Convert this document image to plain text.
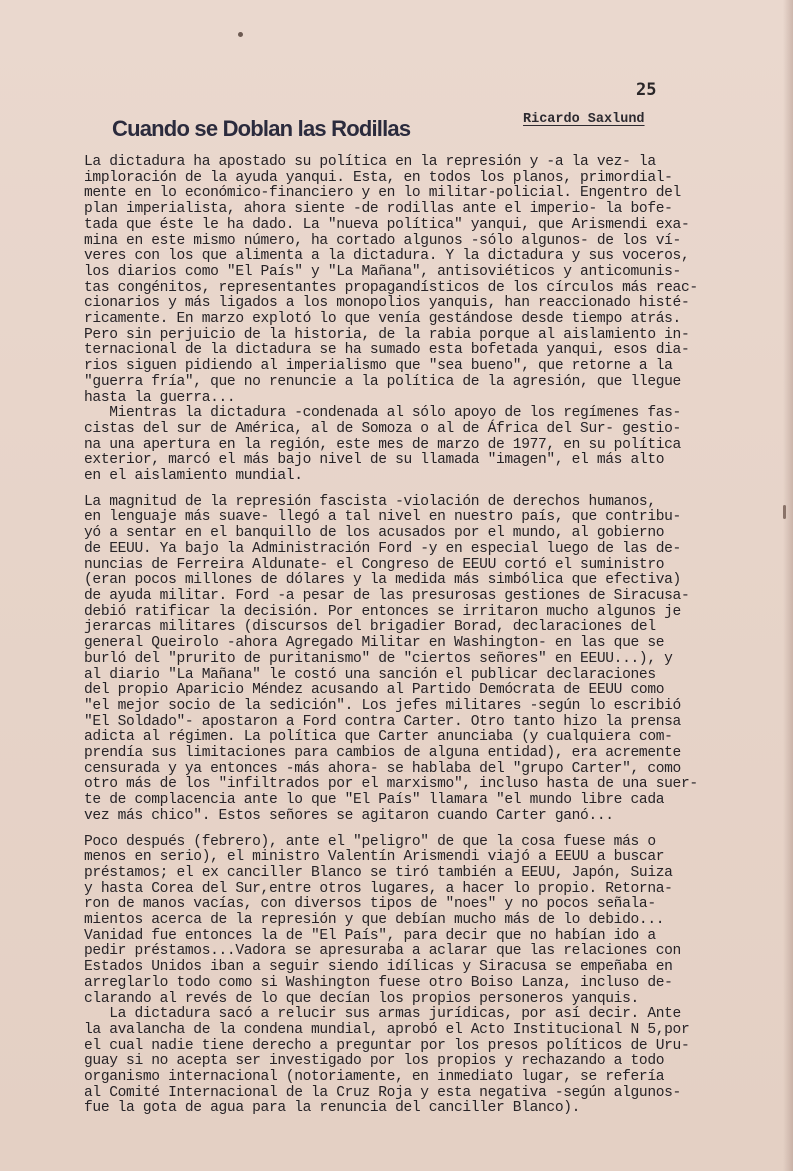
25
Ricardo Saxlund
Cuando se Doblan las Rodillas
La dictadura ha apostado su política en la represión y -a la vez- la
imploración de la ayuda yanqui. Esta, en todos los planos, primordial-
mente en lo económico-financiero y en lo militar-policial. Engentro del
plan imperialista, ahora siente -de rodillas ante el imperio- la bofe-
tada que éste le ha dado. La "nueva política" yanqui, que Arismendi exa-
mina en este mismo número, ha cortado algunos -sólo algunos- de los ví-
veres con los que alimenta a la dictadura. Y la dictadura y sus voceros,
los diarios como "El País" y "La Mañana", antisoviéticos y anticomunis-
tas congénitos, representantes propagandísticos de los círculos más reac-
cionarios y más ligados a los monopolios yanquis, han reaccionado histé-
ricamente. En marzo explotó lo que venía gestándose desde tiempo atrás.
Pero sin perjuicio de la historia, de la rabia porque al aislamiento in-
ternacional de la dictadura se ha sumado esta bofetada yanqui, esos dia-
rios siguen pidiendo al imperialismo que "sea bueno", que retorne a la
"guerra fría", que no renuncie a la política de la agresión, que llegue
hasta la guerra...
Mientras la dictadura -condenada al sólo apoyo de los regímenes fas-
cistas del sur de América, al de Somoza o al de África del Sur- gestio-
na una apertura en la región, este mes de marzo de 1977, en su política
exterior, marcó el más bajo nivel de su llamada "imagen", el más alto
en el aislamiento mundial.
La magnitud de la represión fascista -violación de derechos humanos,
en lenguaje más suave- llegó a tal nivel en nuestro país, que contribu-
yó a sentar en el banquillo de los acusados por el mundo, al gobierno
de EEUU. Ya bajo la Administración Ford -y en especial luego de las de-
nuncias de Ferreira Aldunate- el Congreso de EEUU cortó el suministro
(eran pocos millones de dólares y la medida más simbólica que efectiva)
de ayuda militar. Ford -a pesar de las presurosas gestiones de Siracusa-
debió ratificar la decisión. Por entonces se irritaron mucho algunos je
jerarcas militares (discursos del brigadier Borad, declaraciones del
general Queirolo -ahora Agregado Militar en Washington- en las que se
burló del "prurito de puritanismo" de "ciertos señores" en EEUU...), y
al diario "La Mañana" le costó una sanción el publicar declaraciones
del propio Aparicio Méndez acusando al Partido Demócrata de EEUU como
"el mejor socio de la sedición". Los jefes militares -según lo escribió
"El Soldado"- apostaron a Ford contra Carter. Otro tanto hizo la prensa
adicta al régimen. La política que Carter anunciaba (y cualquiera com-
prendía sus limitaciones para cambios de alguna entidad), era acremente
censurada y ya entonces -más ahora- se hablaba del "grupo Carter", como
otro más de los "infiltrados por el marxismo", incluso hasta de una suer-
te de complacencia ante lo que "El País" llamara "el mundo libre cada
vez más chico". Estos señores se agitaron cuando Carter ganó...
Poco después (febrero), ante el "peligro" de que la cosa fuese más o
menos en serio), el ministro Valentín Arismendi viajó a EEUU a buscar
préstamos; el ex canciller Blanco se tiró también a EEUU, Japón, Suiza
y hasta Corea del Sur,entre otros lugares, a hacer lo propio. Retorna-
ron de manos vacías, con diversos tipos de "noes" y no pocos señala-
mientos acerca de la represión y que debían mucho más de lo debido...
Vanidad fue entonces la de "El País", para decir que no habían ido a
pedir préstamos...Vadora se apresuraba a aclarar que las relaciones con
Estados Unidos iban a seguir siendo idílicas y Siracusa se empeñaba en
arreglarlo todo como si Washington fuese otro Boiso Lanza, incluso de-
clarando al revés de lo que decían los propios personeros yanquis.
La dictadura sacó a relucir sus armas jurídicas, por así decir. Ante
la avalancha de la condena mundial, aprobó el Acto Institucional N 5,por
el cual nadie tiene derecho a preguntar por los presos políticos de Uru-
guay si no acepta ser investigado por los propios y rechazando a todo
organismo internacional (notoriamente, en inmediato lugar, se refería
al Comité Internacional de la Cruz Roja y esta negativa -según algunos-
fue la gota de agua para la renuncia del canciller Blanco).
